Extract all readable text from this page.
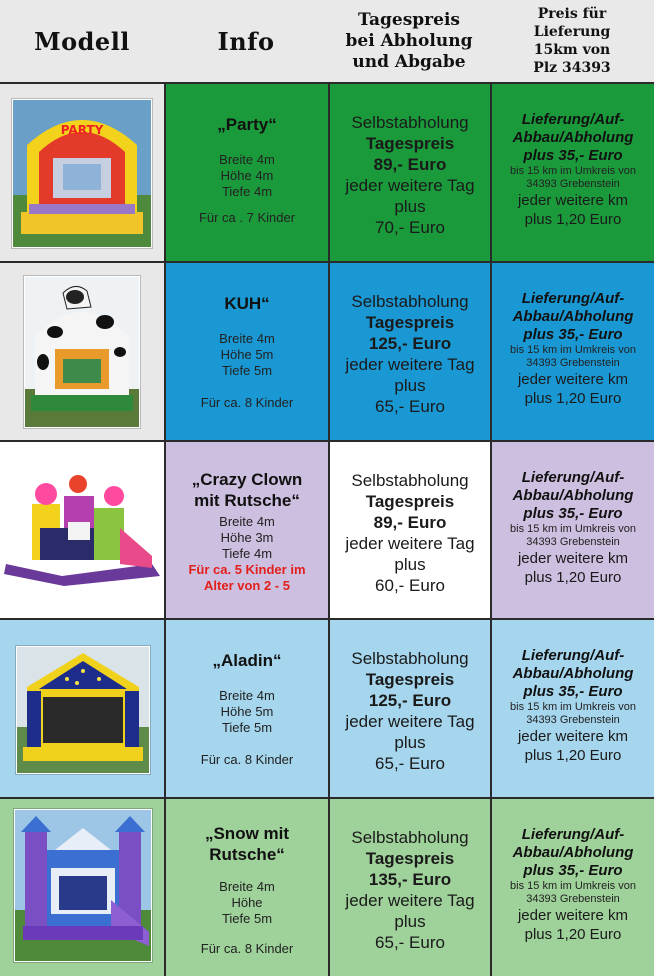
Modell	Info
Tagespreis
bei Abholung
und Abgabe
Preis für
Lieferung
15km von
Plz 34393
PARTY	„Party“
Breite 4m
Höhe 4m
Tiefe 4m
Für ca . 7 Kinder
Selbstabholung
Tagespreis
89,- Euro
jeder weitere Tag
plus
70,- Euro
Lieferung/Auf-
Abbau/Abholung
plus 35,- Euro
bis 15 km im Umkreis von
34393 Grebenstein
jeder weitere km
plus 1,20 Euro
KUH“
Breite 4m
Höhe 5m
Tiefe 5m
Für ca. 8 Kinder
Selbstabholung
Tagespreis
125,- Euro
jeder weitere Tag
plus
65,- Euro
Lieferung/Auf-
Abbau/Abholung
plus 35,- Euro
bis 15 km im Umkreis von
34393 Grebenstein
jeder weitere km
plus 1,20 Euro
„Crazy Clown
mit Rutsche“
Breite 4m
Höhe 3m
Tiefe 4m
Für ca. 5 Kinder im
Alter von 2 - 5
Selbstabholung
Tagespreis
89,- Euro
jeder weitere Tag
plus
60,- Euro
Lieferung/Auf-
Abbau/Abholung
plus 35,- Euro
bis 15 km im Umkreis von
34393 Grebenstein
jeder weitere km
plus 1,20 Euro
„Aladin“
Breite 4m
Höhe 5m
Tiefe 5m
Für ca. 8 Kinder
Selbstabholung
Tagespreis
125,- Euro
jeder weitere Tag
plus
65,- Euro
Lieferung/Auf-
Abbau/Abholung
plus 35,- Euro
bis 15 km im Umkreis von
34393 Grebenstein
jeder weitere km
plus 1,20 Euro
„Snow mit
Rutsche“
Breite 4m
Höhe
Tiefe 5m
Für ca. 8 Kinder
Selbstabholung
Tagespreis
135,- Euro
jeder weitere Tag
plus
65,- Euro
Lieferung/Auf-
Abbau/Abholung
plus 35,- Euro
bis 15 km im Umkreis von
34393 Grebenstein
jeder weitere km
plus 1,20 Euro
